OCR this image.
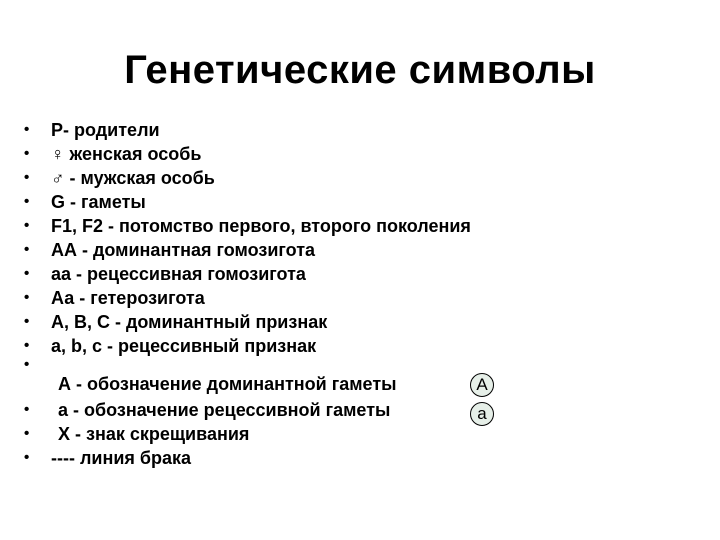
Генетические символы
•	Р- родители
•	♀ женская особь
•	♂ - мужская особь
•	G - гаметы
•	F1, F2 - потомство первого, второго поколения
•	АА - доминантная гомозигота
•	аа - рецессивная гомозигота
•	Аа - гетерозигота
•	А, В, С - доминантный признак
•	a, b, c - рецессивный признак
•
А - обозначение доминантной гаметы
•	а - обозначение рецессивной гаметы
•	Х - знак скрещивания
•	---- линия брака
А
а
